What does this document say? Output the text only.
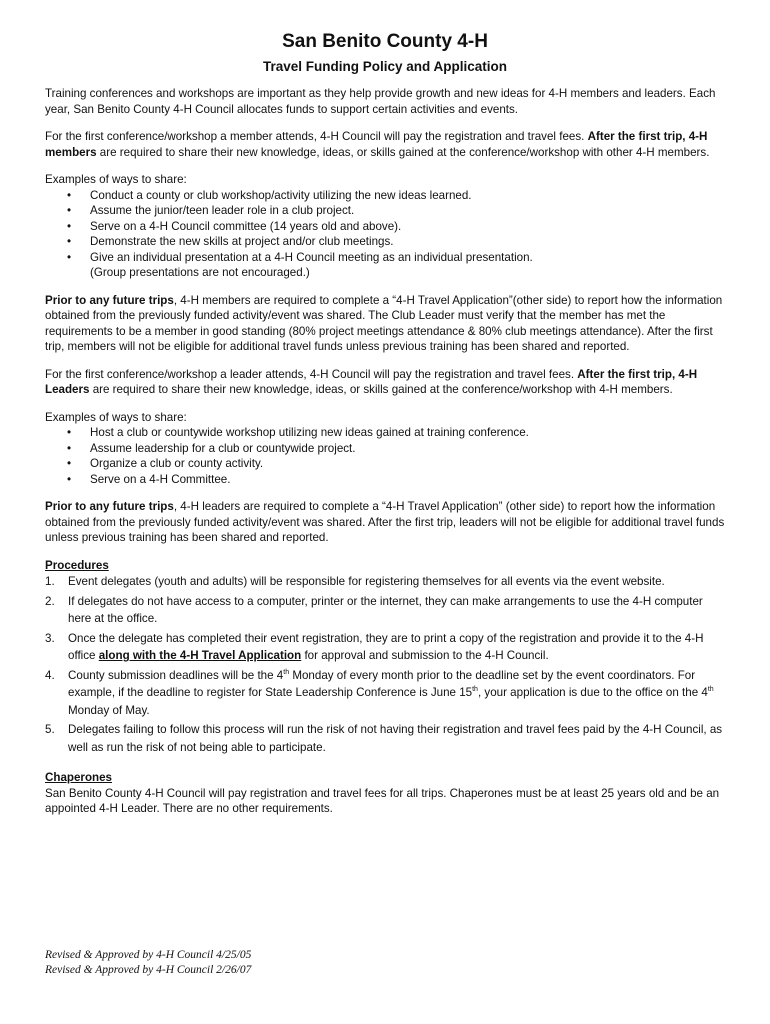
San Benito County 4-H
Travel Funding Policy and Application

Training conferences and workshops are important as they help provide growth and new ideas for 4-H members and leaders. Each year, San Benito County 4-H Council allocates funds to support certain activities and events.

For the first conference/workshop a member attends, 4-H Council will pay the registration and travel fees. After the first trip, 4-H members are required to share their new knowledge, ideas, or skills gained at the conference/workshop with other 4-H members.

Examples of ways to share:

• Conduct a county or club workshop/activity utilizing the new ideas learned.
• Assume the junior/teen leader role in a club project.
• Serve on a 4-H Council committee (14 years old and above).
• Demonstrate the new skills at project and/or club meetings.
• Give an individual presentation at a 4-H Council meeting as an individual presentation.

(Group presentations are not encouraged.)

Prior to any future trips, 4-H members are required to complete a “4-H Travel Application”(other side) to report how the information obtained from the previously funded activity/event was shared. The Club Leader must verify that the member has met the requirements to be a member in good standing (80% project meetings attendance & 80% club meetings attendance). After the first trip, members will not be eligible for additional travel funds unless previous training has been shared and reported.

For the first conference/workshop a leader attends, 4-H Council will pay the registration and travel fees. After the first trip, 4-H Leaders are required to share their new knowledge, ideas, or skills gained at the conference/workshop with 4-H members.

Examples of ways to share:

• Host a club or countywide workshop utilizing new ideas gained at training conference.
• Assume leadership for a club or countywide project.
• Organize a club or county activity.
• Serve on a 4-H Committee.

Prior to any future trips, 4-H leaders are required to complete a “4-H Travel Application” (other side) to report how the information obtained from the previously funded activity/event was shared. After the first trip, leaders will not be eligible for additional travel funds unless previous training has been shared and reported.

Procedures
1. Event delegates (youth and adults) will be responsible for registering themselves for all events via the event website.
2. If delegates do not have access to a computer, printer or the internet, they can make arrangements to use the 4-H computer here at the office.
3. Once the delegate has completed their event registration, they are to print a copy of the registration and provide it to the 4-H office along with the 4-H Travel Application for approval and submission to the 4-H Council.
4. County submission deadlines will be the 4th Monday of every month prior to the deadline set by the event coordinators. For example, if the deadline to register for State Leadership Conference is June 15th, your application is due to the office on the 4th Monday of May.
5. Delegates failing to follow this process will run the risk of not having their registration and travel fees paid by the 4-H Council, as well as run the risk of not being able to participate.
Chaperones

San Benito County 4-H Council will pay registration and travel fees for all trips. Chaperones must be at least 25 years old and be an appointed 4-H Leader. There are no other requirements.

Revised & Approved by 4-H Council 4/25/05
Revised & Approved by 4-H Council 2/26/07
